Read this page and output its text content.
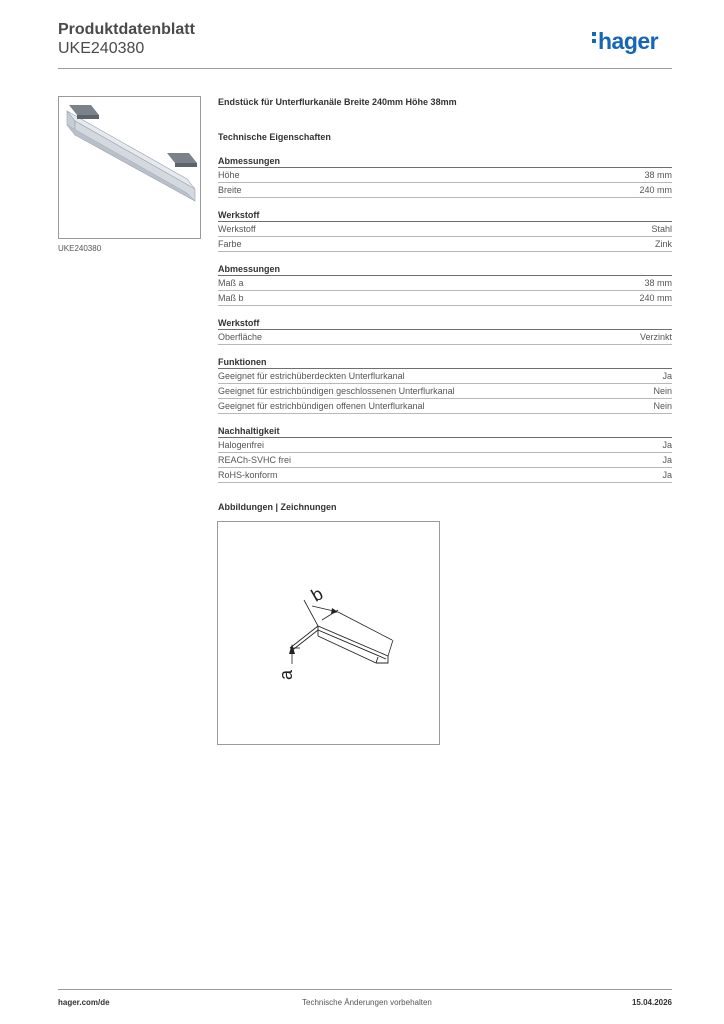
Produktdatenblatt
UKE240380	hager
UKE240380
Endstück für Unterflurkanäle Breite 240mm Höhe 38mm
Technische Eigenschaften
Abmessungen
Höhe	38 mm
Breite	240 mm
Werkstoff
Werkstoff	Stahl
Farbe	Zink
Abmessungen
Maß a	38 mm
Maß b	240 mm
Werkstoff
Oberfläche	Verzinkt
Funktionen
Geeignet für estrichüberdeckten Unterflurkanal	Ja
Geeignet für estrichbündigen geschlossenen Unterflurkanal	Nein
Geeignet für estrichbündigen offenen Unterflurkanal	Nein
Nachhaltigkeit
Halogenfrei	Ja
REACh-SVHC frei	Ja
RoHS-konform	Ja
Abbildungen | Zeichnungen
b
a
hager.com/de	Technische Änderungen vorbehalten	15.04.2026
